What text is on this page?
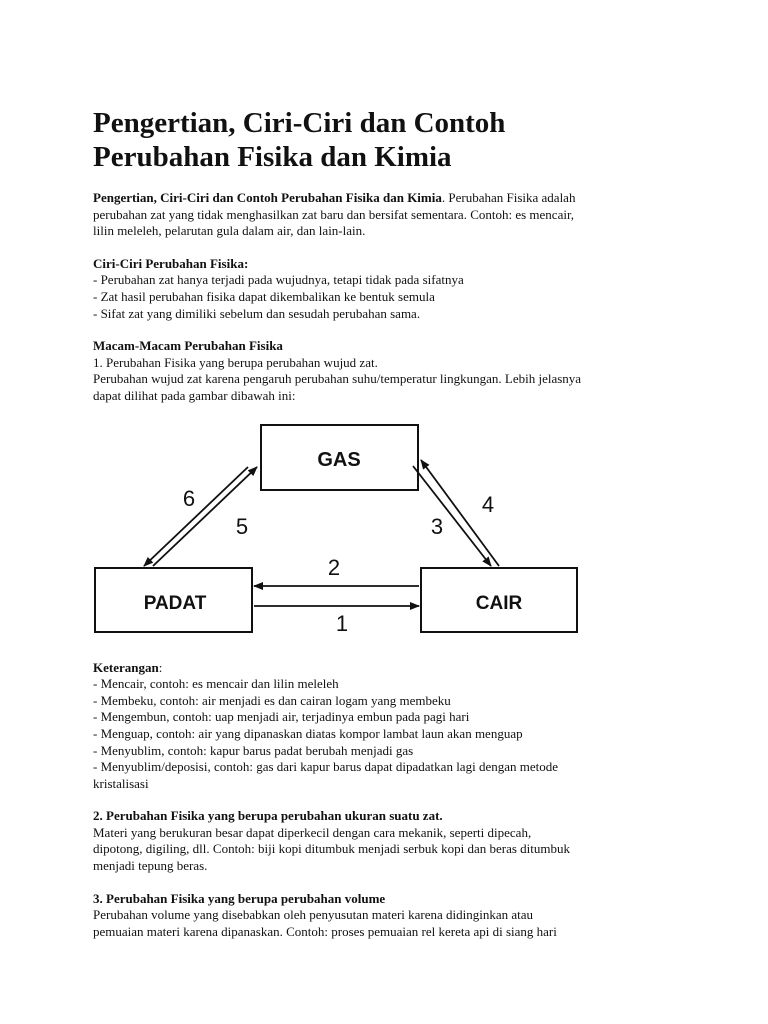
Pengertian, Ciri-Ciri dan Contoh
Perubahan Fisika dan Kimia

Pengertian, Ciri-Ciri dan Contoh Perubahan Fisika dan Kimia. Perubahan Fisika adalah
perubahan zat yang tidak menghasilkan zat baru dan bersifat sementara. Contoh: es mencair,
lilin meleleh, pelarutan gula dalam air, dan lain-lain.

Ciri-Ciri Perubahan Fisika:
- Perubahan zat hanya terjadi pada wujudnya, tetapi tidak pada sifatnya
- Zat hasil perubahan fisika dapat dikembalikan ke bentuk semula
- Sifat zat yang dimiliki sebelum dan sesudah perubahan sama.

Macam-Macam Perubahan Fisika
1. Perubahan Fisika yang berupa perubahan wujud zat.
Perubahan wujud zat karena pengaruh perubahan suhu/temperatur lingkungan. Lebih jelasnya
dapat dilihat pada gambar dibawah ini:

Keterangan:
- Mencair, contoh: es mencair dan lilin meleleh
- Membeku, contoh: air menjadi es dan cairan logam yang membeku
- Mengembun, contoh: uap menjadi air, terjadinya embun pada pagi hari
- Menguap, contoh: air yang dipanaskan diatas kompor lambat laun akan menguap
- Menyublim, contoh: kapur barus padat berubah menjadi gas
- Menyublim/deposisi, contoh: gas dari kapur barus dapat dipadatkan lagi dengan metode
kristalisasi

2. Perubahan Fisika yang berupa perubahan ukuran suatu zat.
Materi yang berukuran besar dapat diperkecil dengan cara mekanik, seperti dipecah,
dipotong, digiling, dll. Contoh: biji kopi ditumbuk menjadi serbuk kopi dan beras ditumbuk
menjadi tepung beras.

3. Perubahan Fisika yang berupa perubahan volume
Perubahan volume yang disebabkan oleh penyusutan materi karena didinginkan atau
pemuaian materi karena dipanaskan. Contoh: proses pemuaian rel kereta api di siang hari

GAS
PADAT	CAIR
6
5	3
4
2
1
